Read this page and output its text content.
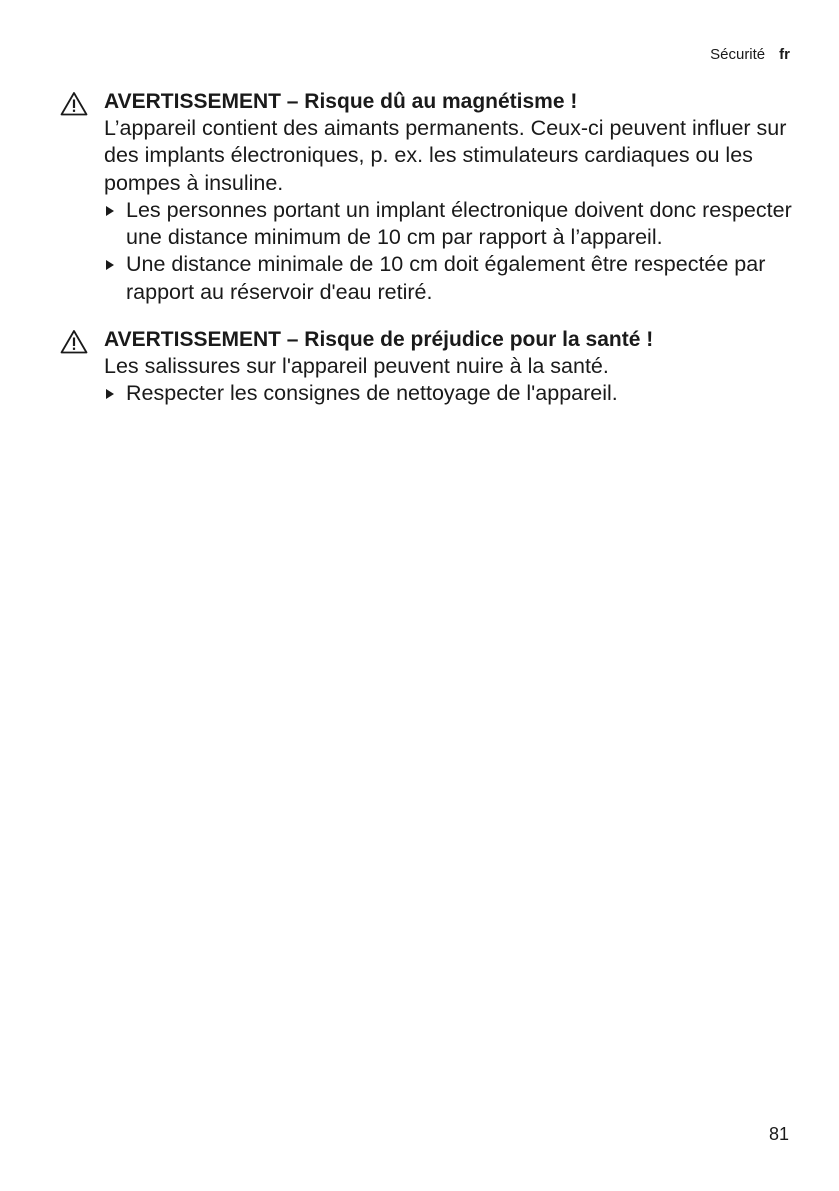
Sécurité fr

AVERTISSEMENT – Risque dû au magnétisme !

L’appareil contient des aimants permanents. Ceux-ci peuvent influer sur des implants électroniques, p. ex. les stimulateurs cardiaques ou les pompes à insuline.

Les personnes portant un implant électronique doivent donc respecter une distance minimum de 10 cm par rapport à l’appareil.
Une distance minimale de 10 cm doit également être respectée par rapport au réservoir d'eau retiré.

AVERTISSEMENT – Risque de préjudice pour la santé !

Les salissures sur l'appareil peuvent nuire à la santé.

Respecter les consignes de nettoyage de l'appareil.
81
